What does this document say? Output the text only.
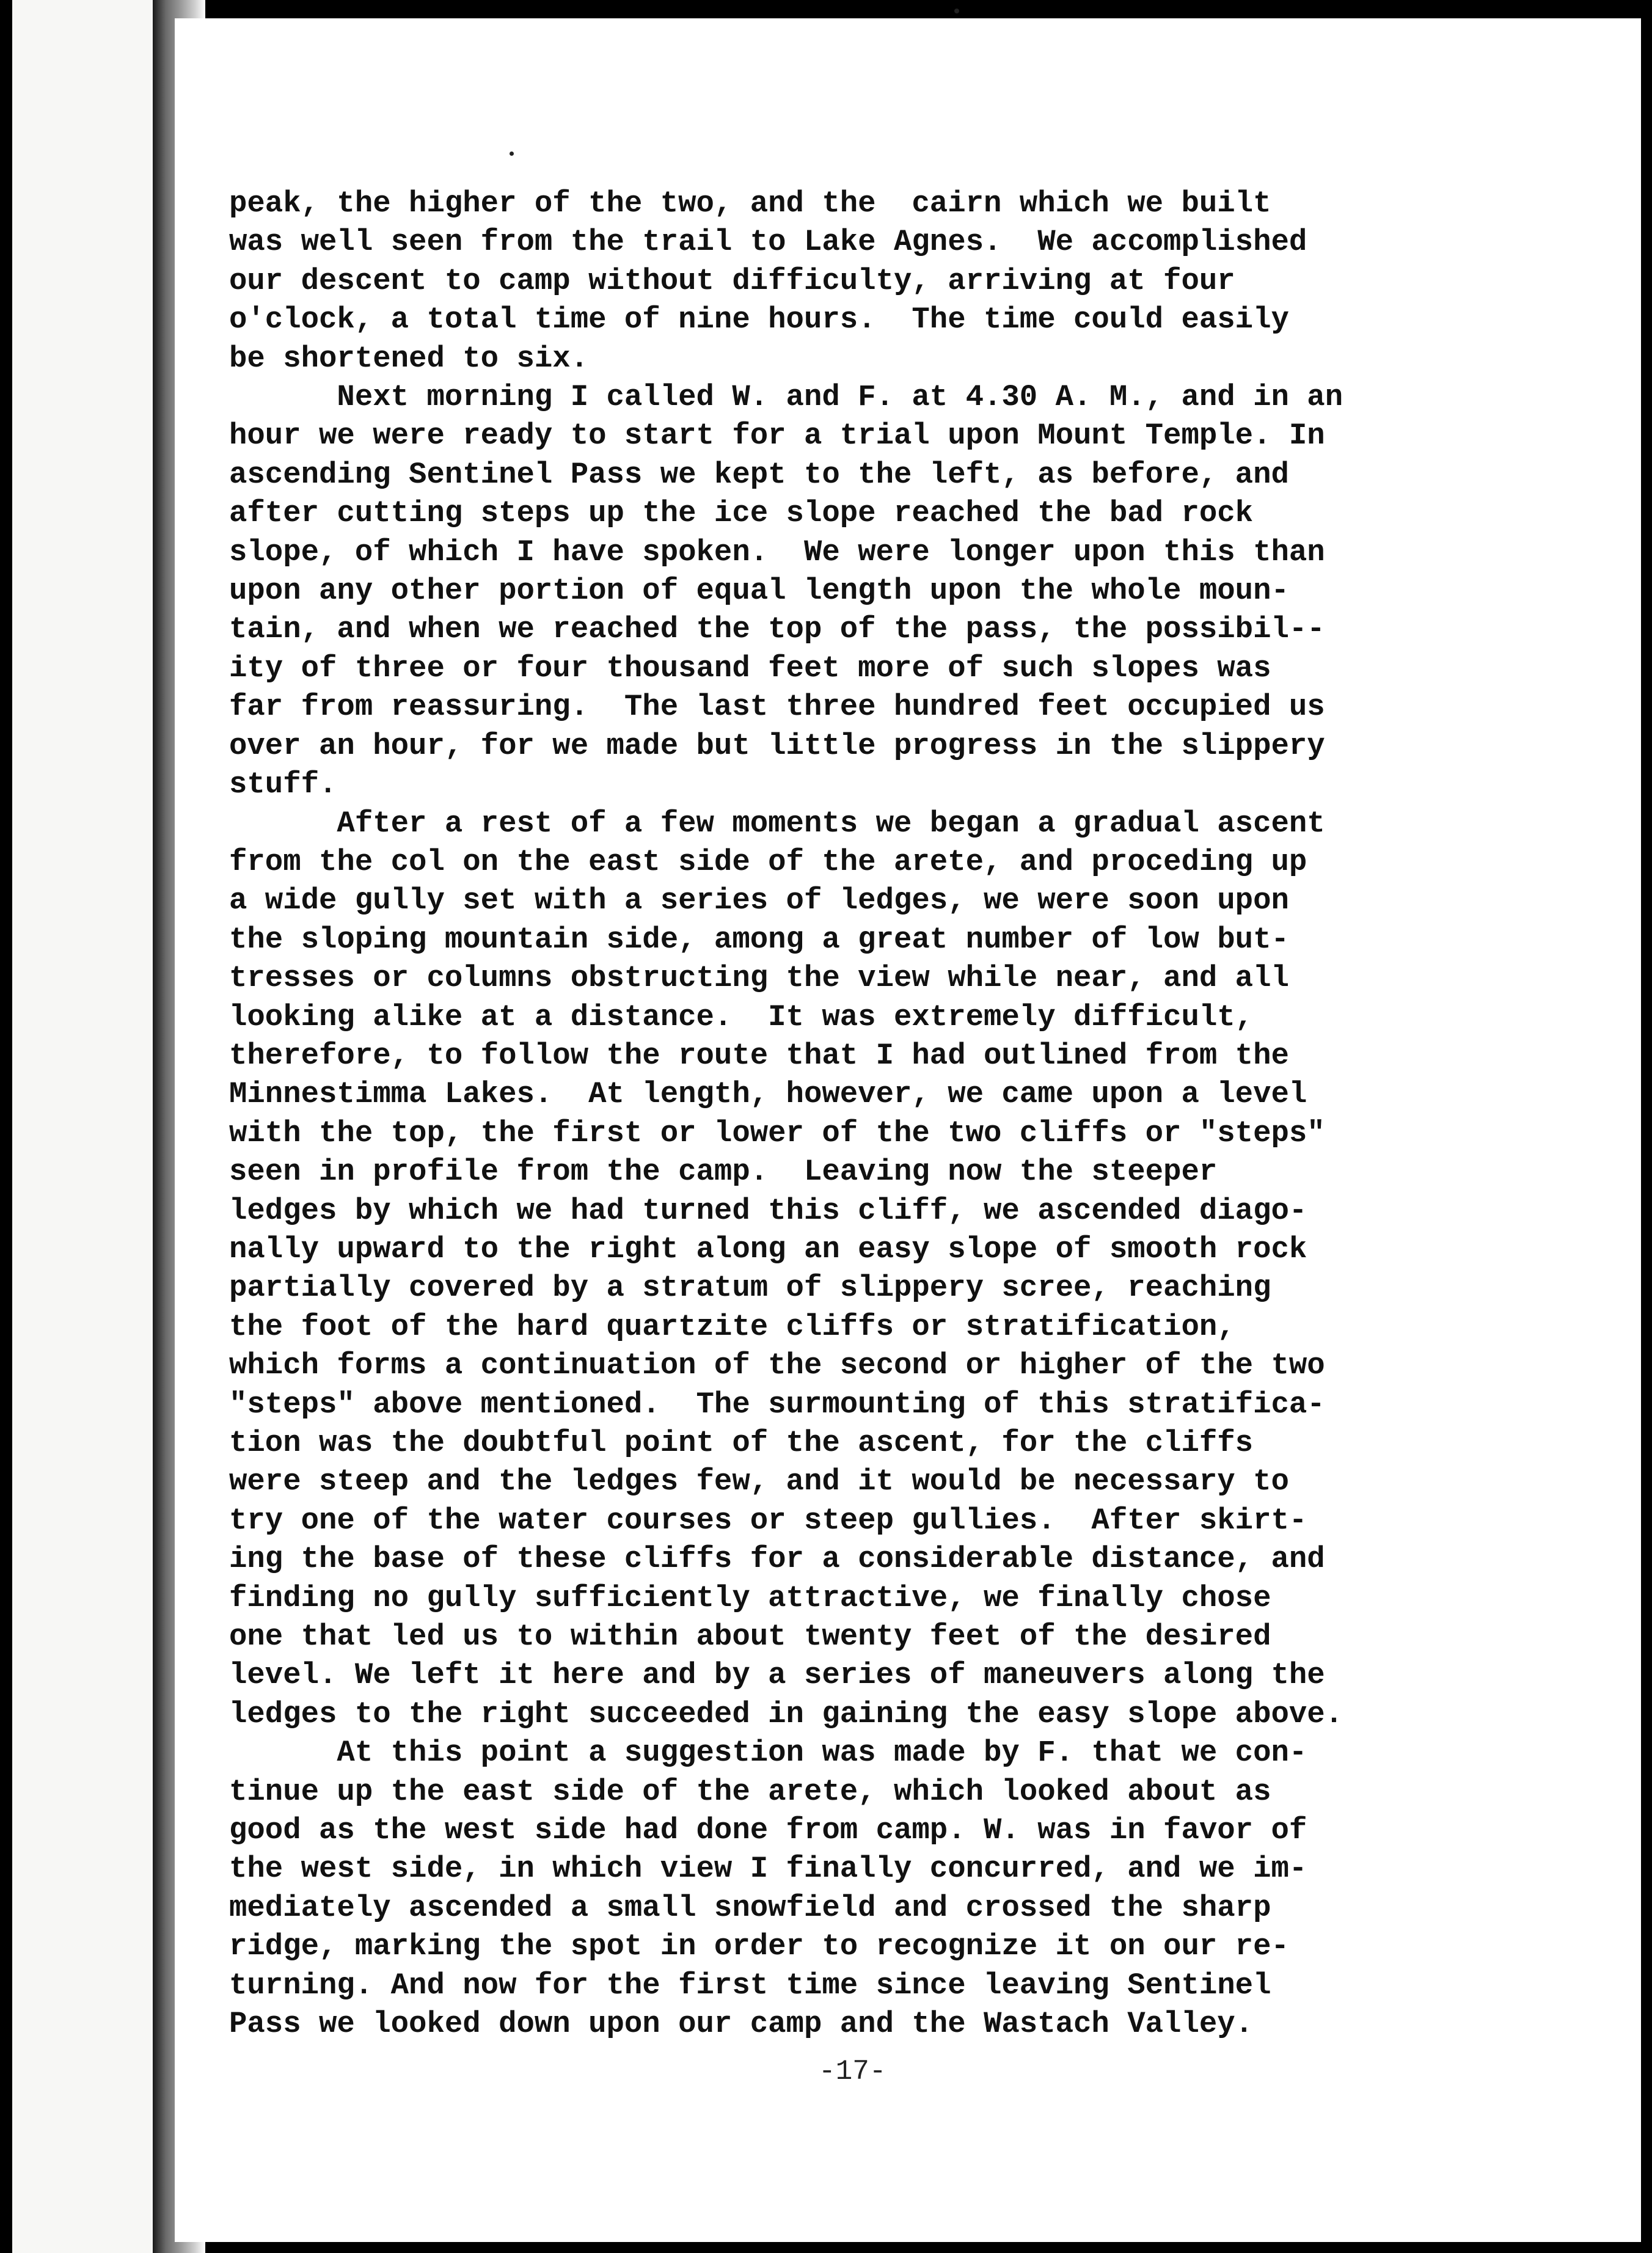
peak, the higher of the two, and the  cairn which we built
was well seen from the trail to Lake Agnes.  We accomplished
our descent to camp without difficulty, arriving at four
o'clock, a total time of nine hours.  The time could easily
be shortened to six.
Next morning I called W. and F. at 4.30 A. M., and in an
hour we were ready to start for a trial upon Mount Temple. In
ascending Sentinel Pass we kept to the left, as before, and
after cutting steps up the ice slope reached the bad rock
slope, of which I have spoken.  We were longer upon this than
upon any other portion of equal length upon the whole moun-
tain, and when we reached the top of the pass, the possibil--
ity of three or four thousand feet more of such slopes was
far from reassuring.  The last three hundred feet occupied us
over an hour, for we made but little progress in the slippery
stuff.
After a rest of a few moments we began a gradual ascent
from the col on the east side of the arete, and proceding up
a wide gully set with a series of ledges, we were soon upon
the sloping mountain side, among a great number of low but-
tresses or columns obstructing the view while near, and all
looking alike at a distance.  It was extremely difficult,
therefore, to follow the route that I had outlined from the
Minnestimma Lakes.  At length, however, we came upon a level
with the top, the first or lower of the two cliffs or "steps"
seen in profile from the camp.  Leaving now the steeper
ledges by which we had turned this cliff, we ascended diago-
nally upward to the right along an easy slope of smooth rock
partially covered by a stratum of slippery scree, reaching
the foot of the hard quartzite cliffs or stratification,
which forms a continuation of the second or higher of the two
"steps" above mentioned.  The surmounting of this stratifica-
tion was the doubtful point of the ascent, for the cliffs
were steep and the ledges few, and it would be necessary to
try one of the water courses or steep gullies.  After skirt-
ing the base of these cliffs for a considerable distance, and
finding no gully sufficiently attractive, we finally chose
one that led us to within about twenty feet of the desired
level. We left it here and by a series of maneuvers along the
ledges to the right succeeded in gaining the easy slope above.
At this point a suggestion was made by F. that we con-
tinue up the east side of the arete, which looked about as
good as the west side had done from camp. W. was in favor of
the west side, in which view I finally concurred, and we im-
mediately ascended a small snowfield and crossed the sharp
ridge, marking the spot in order to recognize it on our re-
turning. And now for the first time since leaving Sentinel
Pass we looked down upon our camp and the Wastach Valley.
-17-
